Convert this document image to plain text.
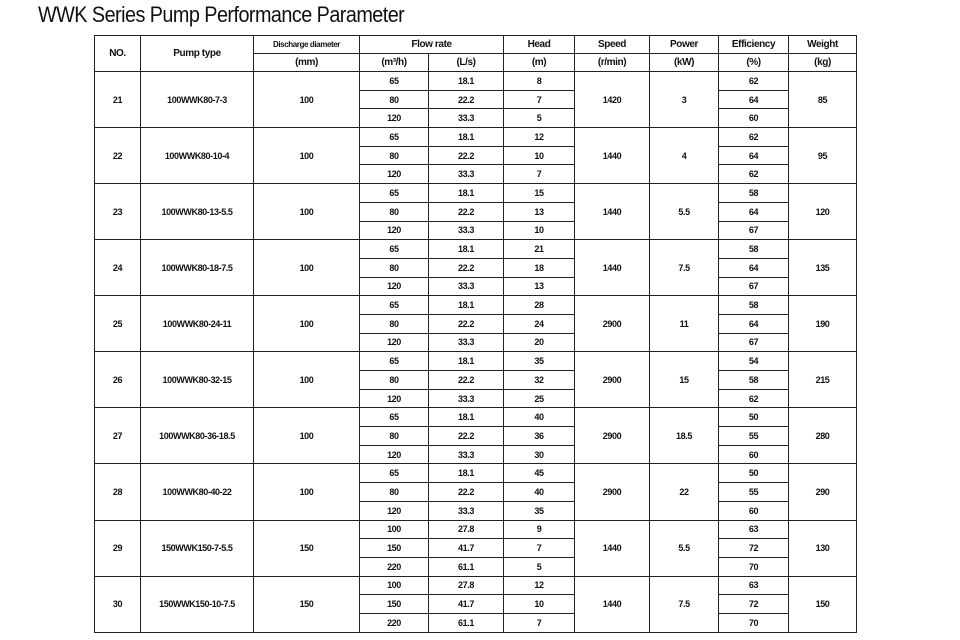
WWK Series Pump Performance Parameter
NO.	Pump type	Discharge diameter	Flow rate		Head	Speed	Power	Efficiency	Weight
		(mm)	(m³/h)	(L/s)	(m)	(r/min)	(kW)	(%)	(kg)
21	100WWK80-7-3	100	65	18.1	8	1420	3	62	85
			80	22.2	7			64	
			120	33.3	5			60	
22	100WWK80-10-4	100	65	18.1	12	1440	4	62	95
			80	22.2	10			64	
			120	33.3	7			62	
23	100WWK80-13-5.5	100	65	18.1	15	1440	5.5	58	120
			80	22.2	13			64	
			120	33.3	10			67	
24	100WWK80-18-7.5	100	65	18.1	21	1440	7.5	58	135
			80	22.2	18			64	
			120	33.3	13			67	
25	100WWK80-24-11	100	65	18.1	28	2900	11	58	190
			80	22.2	24			64	
			120	33.3	20			67	
26	100WWK80-32-15	100	65	18.1	35	2900	15	54	215
			80	22.2	32			58	
			120	33.3	25			62	
27	100WWK80-36-18.5	100	65	18.1	40	2900	18.5	50	280
			80	22.2	36			55	
			120	33.3	30			60	
28	100WWK80-40-22	100	65	18.1	45	2900	22	50	290
			80	22.2	40			55	
			120	33.3	35			60	
29	150WWK150-7-5.5	150	100	27.8	9	1440	5.5	63	130
			150	41.7	7			72	
			220	61.1	5			70	
30	150WWK150-10-7.5	150	100	27.8	12	1440	7.5	63	150
			150	41.7	10			72	
			220	61.1	7			70	
